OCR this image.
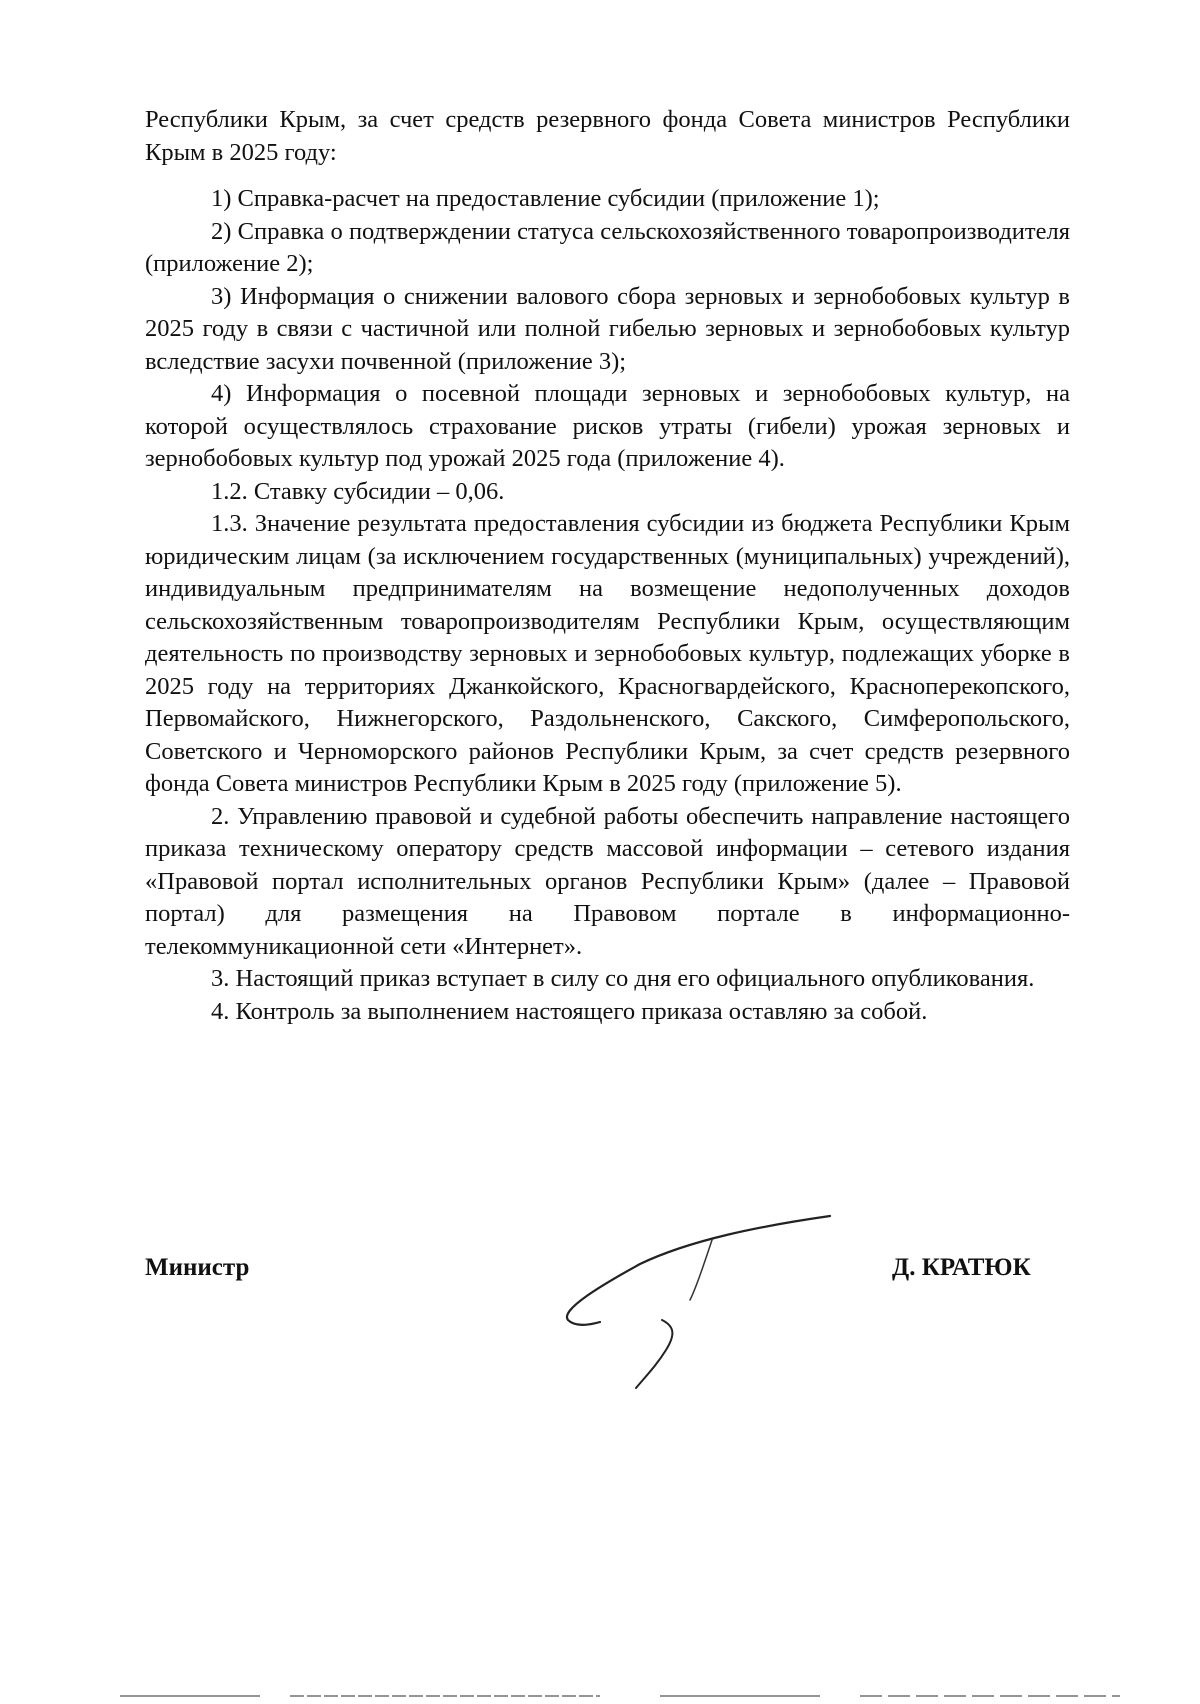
Республики Крым, за счет средств резервного фонда Совета министров Республики Крым в 2025 году:

1) Справка-расчет на предоставление субсидии (приложение 1);

2) Справка о подтверждении статуса сельскохозяйственного товаропроизводителя (приложение 2);

3) Информация о снижении валового сбора зерновых и зернобобовых культур в 2025 году в связи с частичной или полной гибелью зерновых и зернобобовых культур вследствие засухи почвенной (приложение 3);

4) Информация о посевной площади зерновых и зернобобовых культур, на которой осуществлялось страхование рисков утраты (гибели) урожая зерновых и зернобобовых культур под урожай 2025 года (приложение 4).

1.2. Ставку субсидии – 0,06.

1.3. Значение результата предоставления субсидии из бюджета Республики Крым юридическим лицам (за исключением государственных (муниципальных) учреждений), индивидуальным предпринимателям на возмещение недополученных доходов сельскохозяйственным товаропроизводителям Республики Крым, осуществляющим деятельность по производству зерновых и зернобобовых культур, подлежащих уборке в 2025 году на территориях Джанкойского, Красногвардейского, Красноперекопского, Первомайского, Нижнегорского, Раздольненского, Сакского, Симферопольского, Советского и Черноморского районов Республики Крым, за счет средств резервного фонда Совета министров Республики Крым в 2025 году (приложение 5).

2. Управлению правовой и судебной работы обеспечить направление настоящего приказа техническому оператору средств массовой информации – сетевого издания «Правовой портал исполнительных органов Республики Крым» (далее – Правовой портал) для размещения на Правовом портале в информационно-телекоммуникационной сети «Интернет».

3. Настоящий приказ вступает в силу со дня его официального опубликования.

4. Контроль за выполнением настоящего приказа оставляю за собой.

Министр	Д. КРАТЮК
